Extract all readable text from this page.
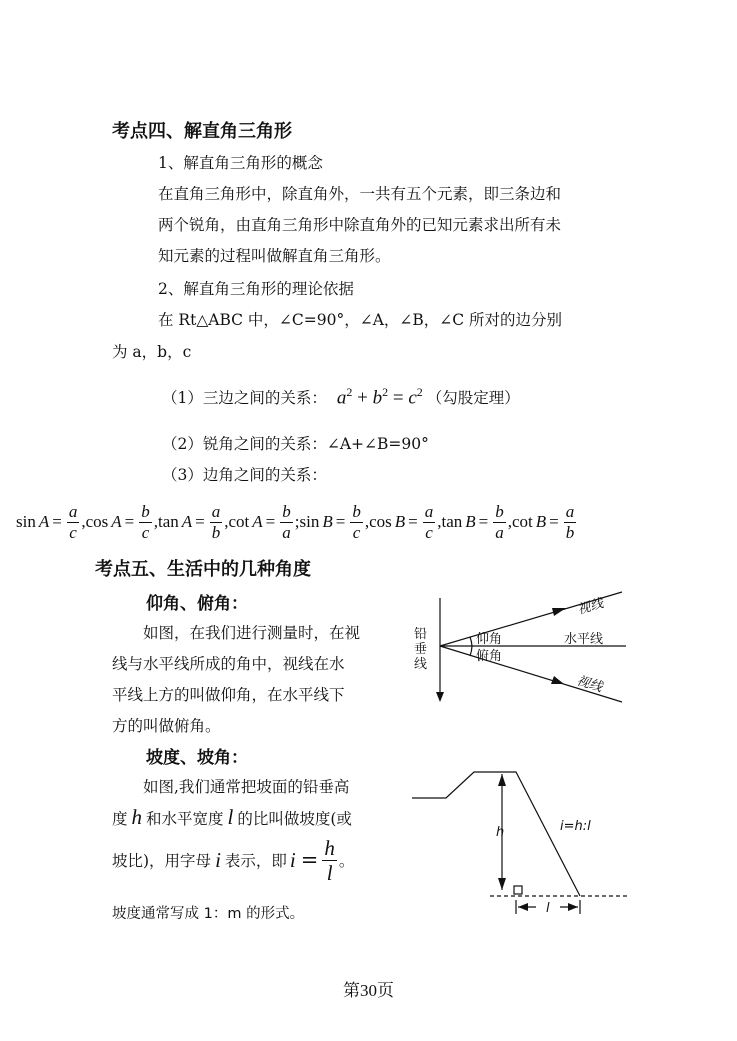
考点四、解直角三角形
1、解直角三角形的概念
在直角三角形中，除直角外，一共有五个元素，即三条边和
两个锐角，由直角三角形中除直角外的已知元素求出所有未
知元素的过程叫做解直角三角形。
2、解直角三角形的理论依据
在 Rt△ABC 中，∠C=90°，∠A，∠B，∠C 所对的边分别
为 a，b，c
（1）三边之间的关系： $a^2 + b^2 = c^2$ （勾股定理）
（2）锐角之间的关系：∠A+∠B=90°
（3）边角之间的关系：
$\sin A = \frac{a}{c}$ , $\cos A = \frac{b}{c}$ , $\tan A = \frac{a}{b}$ , $\cot A = \frac{b}{a}$ ; $\sin B = \frac{b}{c}$ , $\cos B = \frac{a}{c}$ , $\tan B = \frac{b}{a}$ , $\cot B = \frac{a}{b}$
考点五、生活中的几种角度
仰角、俯角：
如图，在我们进行测量时，在视
线与水平线所成的角中，视线在水
平线上方的叫做仰角，在水平线下
方的叫做俯角。
铅
垂
线
仰角
俯角
水平线
视线
视线
坡度、坡角：
如图,我们通常把坡面的铅垂高
度 h 和水平宽度 l 的比叫做坡度(或
坡比)，用字母 i 表示，即 $i = \frac{h}{l}$ 。
坡度通常写成 1：m 的形式。
h	i=h:l
l
第30页
